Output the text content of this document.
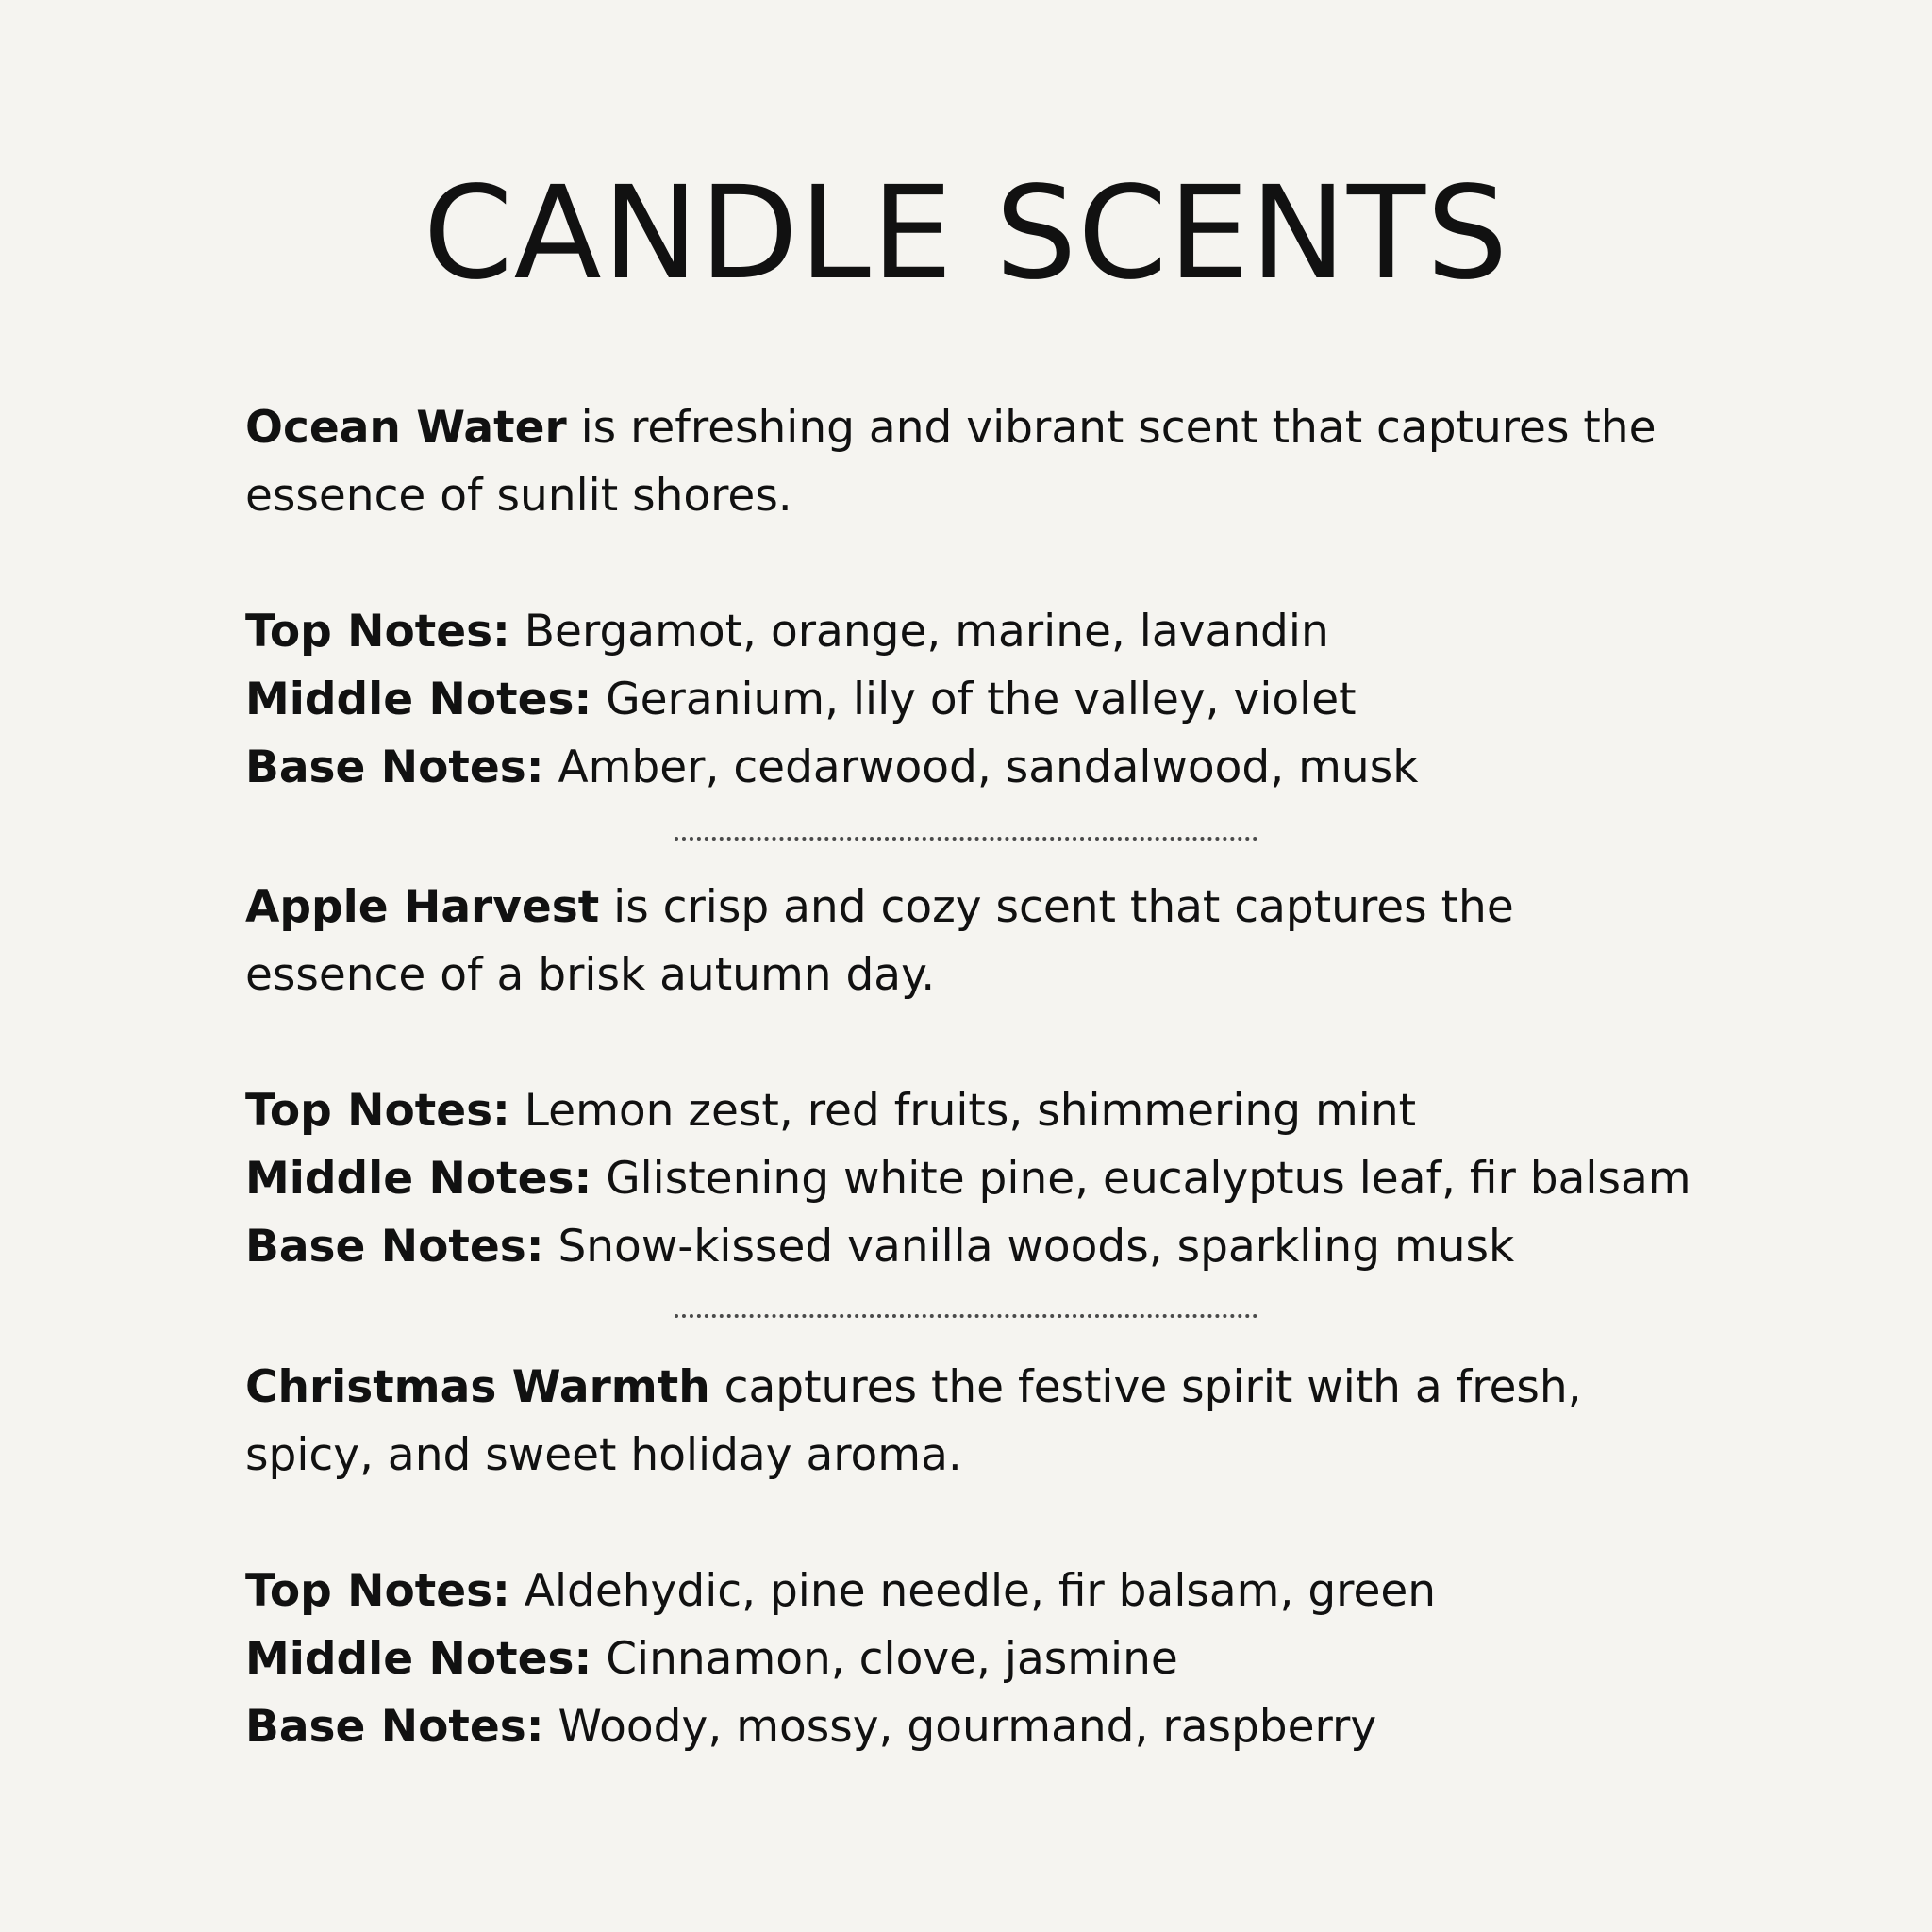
CANDLE SCENTS

Ocean Water is refreshing and vibrant scent that captures the essence of sunlit shores.

Top Notes: Bergamot, orange, marine, lavandin
Middle Notes: Geranium, lily of the valley, violet
Base Notes: Amber, cedarwood, sandalwood, musk

Apple Harvest is crisp and cozy scent that captures the essence of a brisk autumn day.

Top Notes: Lemon zest, red fruits, shimmering mint
Middle Notes: Glistening white pine, eucalyptus leaf, fir balsam
Base Notes: Snow-kissed vanilla woods, sparkling musk

Christmas Warmth captures the festive spirit with a fresh, spicy, and sweet holiday aroma.

Top Notes: Aldehydic, pine needle, fir balsam, green
Middle Notes: Cinnamon, clove, jasmine
Base Notes: Woody, mossy, gourmand, raspberry
